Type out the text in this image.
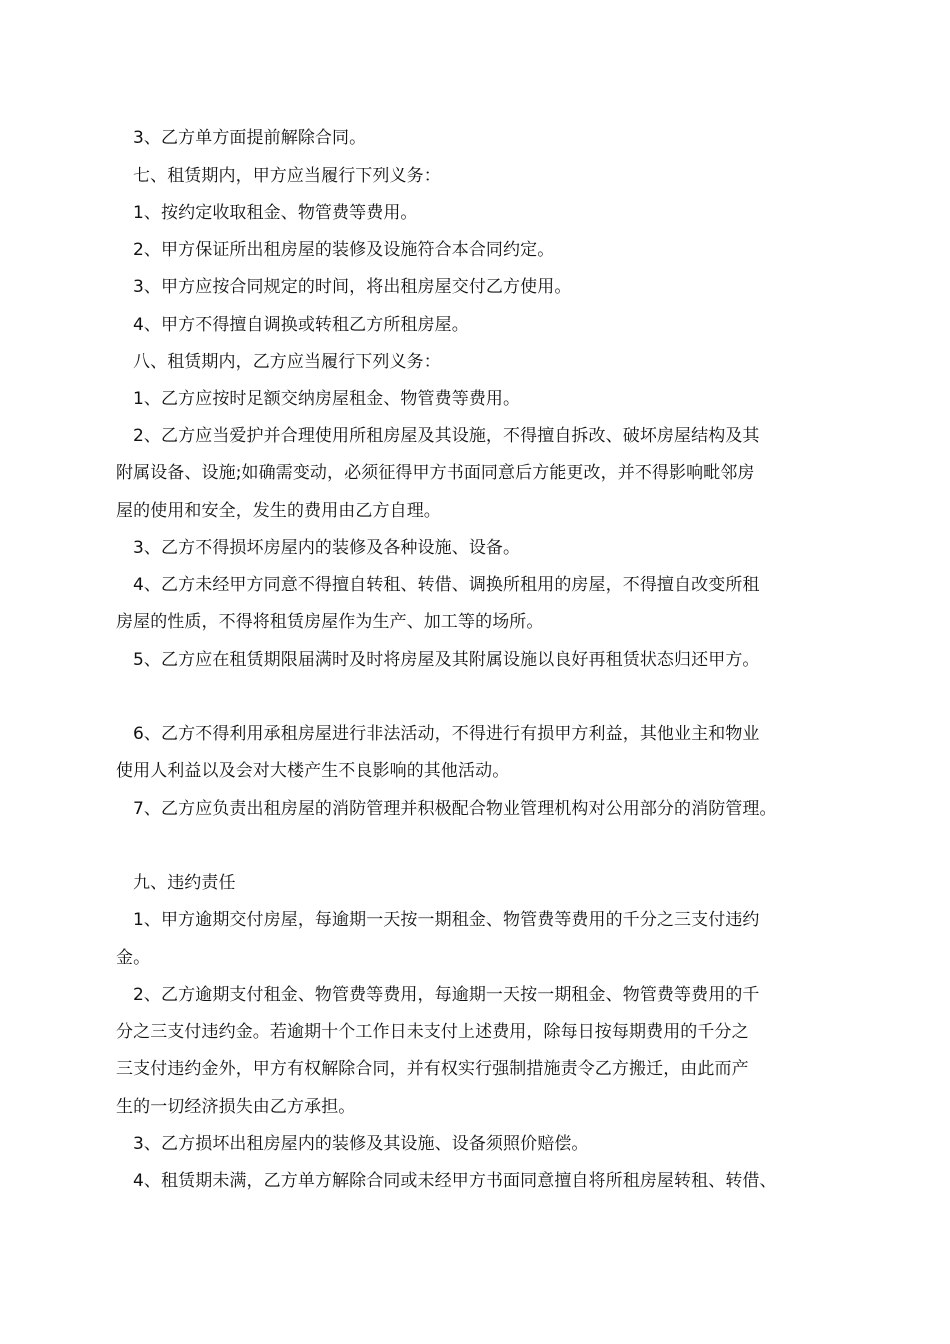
3、乙方单方面提前解除合同。
七、租赁期内，甲方应当履行下列义务：
1、按约定收取租金、物管费等费用。
2、甲方保证所出租房屋的装修及设施符合本合同约定。
3、甲方应按合同规定的时间，将出租房屋交付乙方使用。
4、甲方不得擅自调换或转租乙方所租房屋。
八、租赁期内，乙方应当履行下列义务：
1、乙方应按时足额交纳房屋租金、物管费等费用。
2、乙方应当爱护并合理使用所租房屋及其设施，不得擅自拆改、破坏房屋结构及其
附属设备、设施;如确需变动，必须征得甲方书面同意后方能更改，并不得影响毗邻房
屋的使用和安全，发生的费用由乙方自理。
3、乙方不得损坏房屋内的装修及各种设施、设备。
4、乙方未经甲方同意不得擅自转租、转借、调换所租用的房屋，不得擅自改变所租
房屋的性质，不得将租赁房屋作为生产、加工等的场所。
5、乙方应在租赁期限届满时及时将房屋及其附属设施以良好再租赁状态归还甲方。
6、乙方不得利用承租房屋进行非法活动，不得进行有损甲方利益，其他业主和物业
使用人利益以及会对大楼产生不良影响的其他活动。
7、乙方应负责出租房屋的消防管理并积极配合物业管理机构对公用部分的消防管理。
九、违约责任
1、甲方逾期交付房屋，每逾期一天按一期租金、物管费等费用的千分之三支付违约
金。
2、乙方逾期支付租金、物管费等费用，每逾期一天按一期租金、物管费等费用的千
分之三支付违约金。若逾期十个工作日未支付上述费用，除每日按每期费用的千分之
三支付违约金外，甲方有权解除合同，并有权实行强制措施责令乙方搬迁，由此而产
生的一切经济损失由乙方承担。
3、乙方损坏出租房屋内的装修及其设施、设备须照价赔偿。
4、租赁期未满，乙方单方解除合同或未经甲方书面同意擅自将所租房屋转租、转借、
